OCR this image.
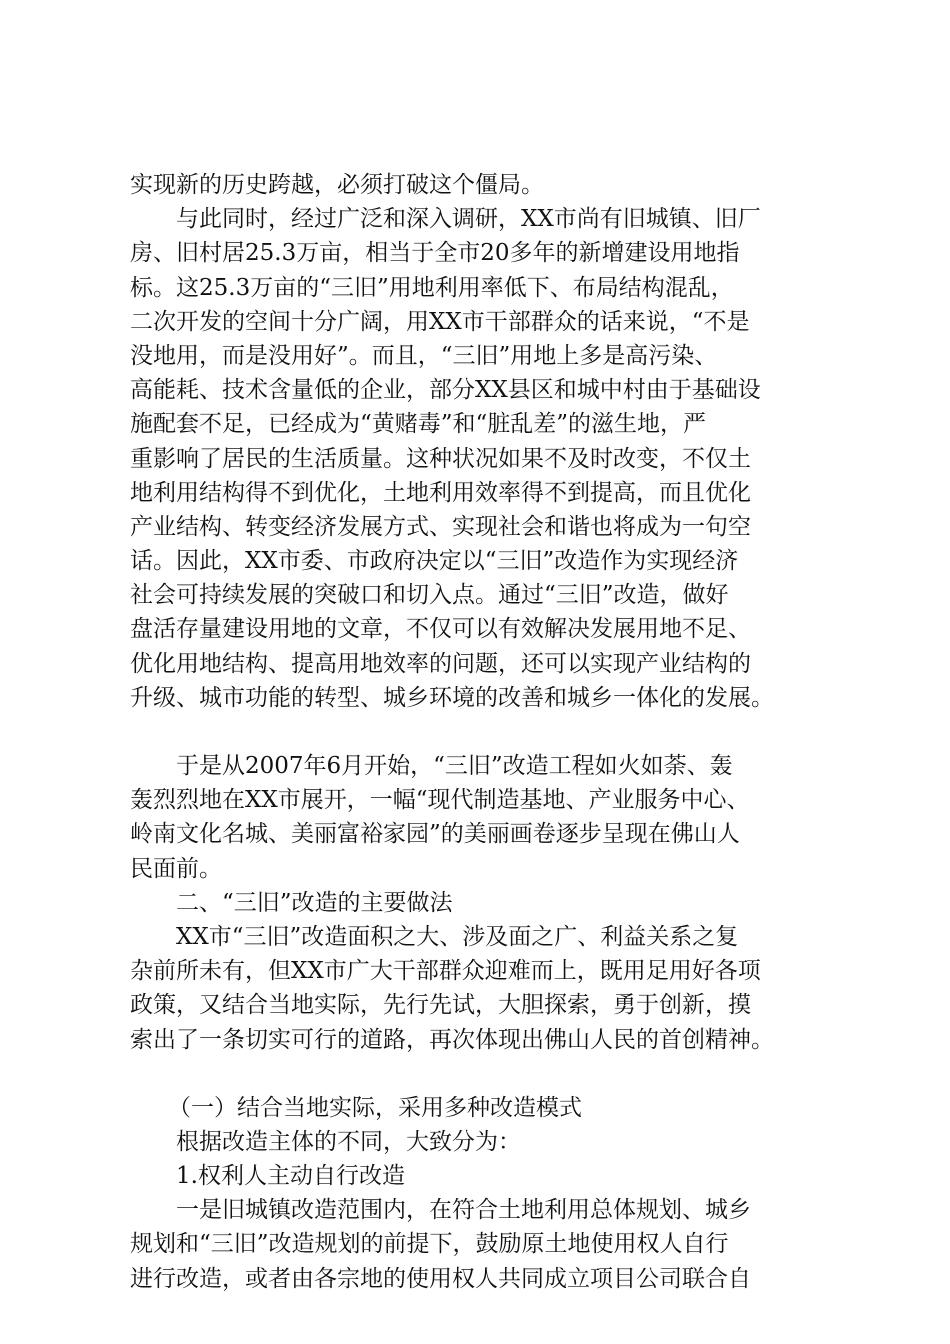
实现新的历史跨越，必须打破这个僵局。
与此同时，经过广泛和深入调研，XX市尚有旧城镇、旧厂
房、旧村居25.3万亩，相当于全市20多年的新增建设用地指
标。这25.3万亩的“三旧”用地利用率低下、布局结构混乱，
二次开发的空间十分广阔，用XX市干部群众的话来说，“不是
没地用，而是没用好”。而且，“三旧”用地上多是高污染、
高能耗、技术含量低的企业，部分XX县区和城中村由于基础设
施配套不足，已经成为“黄赌毒”和“脏乱差”的滋生地，严
重影响了居民的生活质量。这种状况如果不及时改变，不仅土
地利用结构得不到优化，土地利用效率得不到提高，而且优化
产业结构、转变经济发展方式、实现社会和谐也将成为一句空
话。因此，XX市委、市政府决定以“三旧”改造作为实现经济
社会可持续发展的突破口和切入点。通过“三旧”改造，做好
盘活存量建设用地的文章，不仅可以有效解决发展用地不足、
优化用地结构、提高用地效率的问题，还可以实现产业结构的
升级、城市功能的转型、城乡环境的改善和城乡一体化的发展。
于是从2007年6月开始，“三旧”改造工程如火如荼、轰
轰烈烈地在XX市展开，一幅“现代制造基地、产业服务中心、
岭南文化名城、美丽富裕家园”的美丽画卷逐步呈现在佛山人
民面前。
二、“三旧”改造的主要做法
XX市“三旧”改造面积之大、涉及面之广、利益关系之复
杂前所未有，但XX市广大干部群众迎难而上，既用足用好各项
政策，又结合当地实际，先行先试，大胆探索，勇于创新，摸
索出了一条切实可行的道路，再次体现出佛山人民的首创精神。
（一）结合当地实际，采用多种改造模式
根据改造主体的不同，大致分为：
1.权利人主动自行改造
一是旧城镇改造范围内，在符合土地利用总体规划、城乡
规划和“三旧”改造规划的前提下，鼓励原土地使用权人自行
进行改造，或者由各宗地的使用权人共同成立项目公司联合自
